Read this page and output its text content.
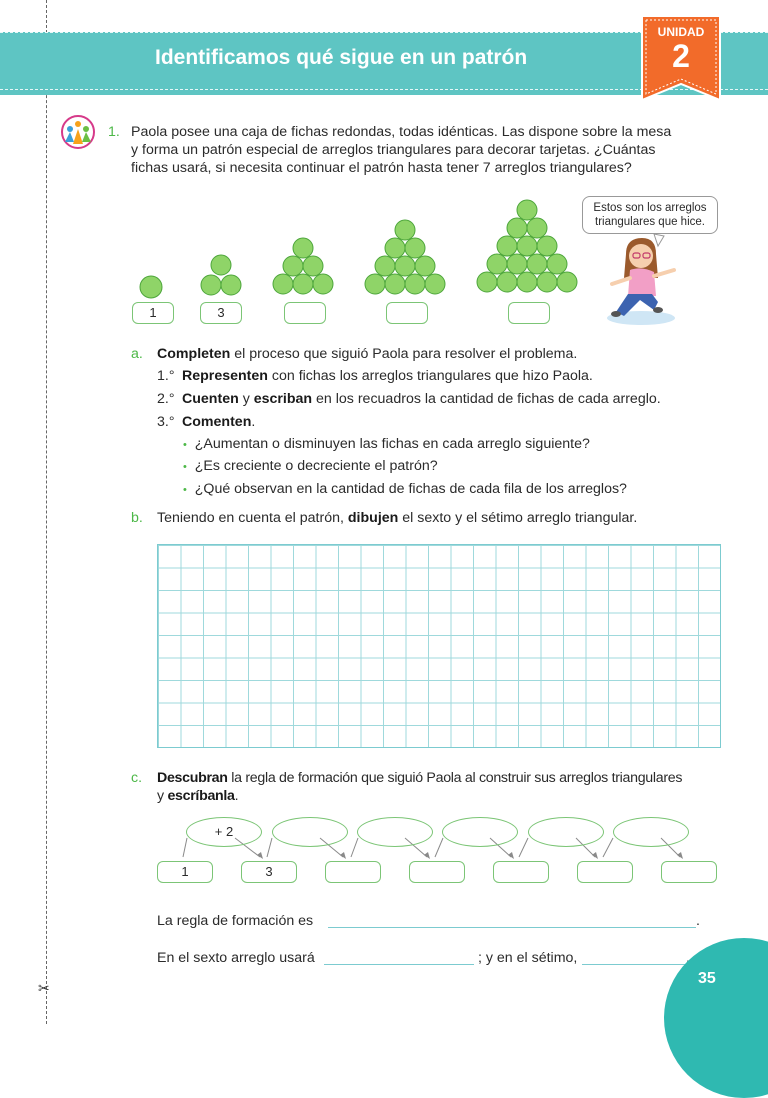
✂
Identificamos qué sigue en un patrón
UNIDAD
2
1. Paola posee una caja de fichas redondas, todas idénticas. Las dispone sobre la mesa
y forma un patrón especial de arreglos triangulares para decorar tarjetas. ¿Cuántas
fichas usará, si necesita continuar el patrón hasta tener 7 arreglos triangulares?
1	3
Estos son los arreglos
triangulares que hice.
a. Completen el proceso que siguió Paola para resolver el problema.
1.° Representen con fichas los arreglos triangulares que hizo Paola.
2.° Cuenten y escriban en los recuadros la cantidad de fichas de cada arreglo.
3.° Comenten.
• ¿Aumentan o disminuyen las fichas en cada arreglo siguiente?
• ¿Es creciente o decreciente el patrón?
• ¿Qué observan en la cantidad de fichas de cada fila de los arreglos?
b. Teniendo en cuenta el patrón, dibujen el sexto y el sétimo arreglo triangular.
c. Descubran la regla de formación que siguió Paola al construir sus arreglos triangulares
y escríbanla.
+ 2
1	3
La regla de formación es	.
En el sexto arreglo usará	; y en el sétimo,	.
35
